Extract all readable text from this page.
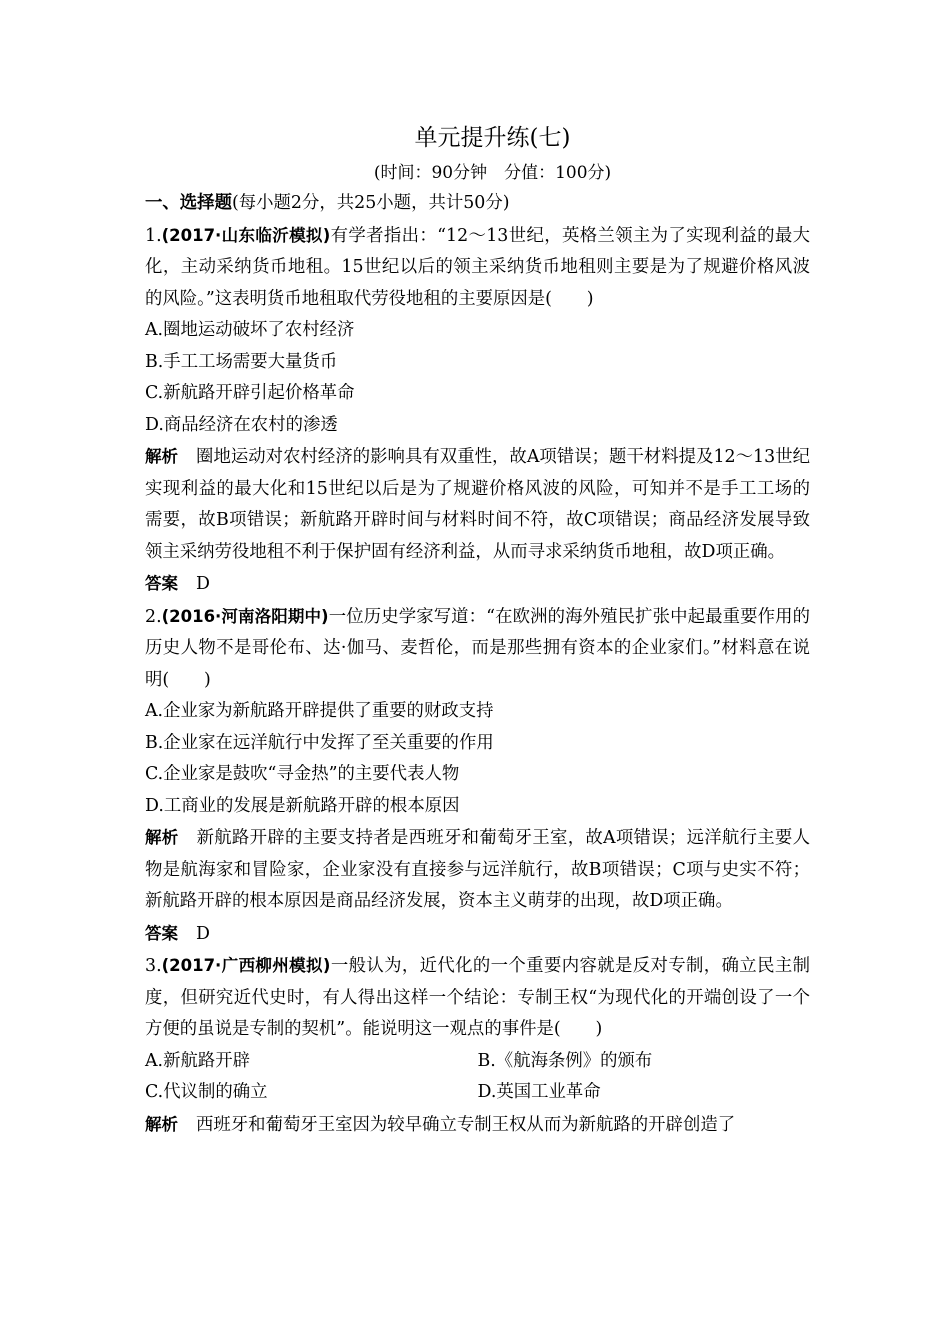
单元提升练(七)
(时间：90分钟　分值：100分)
一、选择题(每小题2分，共25小题，共计50分)
1.(2017·山东临沂模拟)有学者指出：“12～13世纪，英格兰领主为了实现利益的最大化，主动采纳货币地租。15世纪以后的领主采纳货币地租则主要是为了规避价格风波的风险。”这表明货币地租取代劳役地租的主要原因是(　　)
A.圈地运动破坏了农村经济
B.手工工场需要大量货币
C.新航路开辟引起价格革命
D.商品经济在农村的渗透
解析 圈地运动对农村经济的影响具有双重性，故A项错误；题干材料提及12～13世纪实现利益的最大化和15世纪以后是为了规避价格风波的风险，可知并不是手工工场的需要，故B项错误；新航路开辟时间与材料时间不符，故C项错误；商品经济发展导致领主采纳劳役地租不利于保护固有经济利益，从而寻求采纳货币地租，故D项正确。
答案 D
2.(2016·河南洛阳期中)一位历史学家写道：“在欧洲的海外殖民扩张中起最重要作用的历史人物不是哥伦布、达·伽马、麦哲伦，而是那些拥有资本的企业家们。”材料意在说明(　　)
A.企业家为新航路开辟提供了重要的财政支持
B.企业家在远洋航行中发挥了至关重要的作用
C.企业家是鼓吹“寻金热”的主要代表人物
D.工商业的发展是新航路开辟的根本原因
解析 新航路开辟的主要支持者是西班牙和葡萄牙王室，故A项错误；远洋航行主要人物是航海家和冒险家，企业家没有直接参与远洋航行，故B项错误；C项与史实不符；新航路开辟的根本原因是商品经济发展，资本主义萌芽的出现，故D项正确。
答案 D
3.(2017·广西柳州模拟)一般认为，近代化的一个重要内容就是反对专制，确立民主制度，但研究近代史时，有人得出这样一个结论：专制王权“为现代化的开端创设了一个方便的虽说是专制的契机”。能说明这一观点的事件是(　　)
A.新航路开辟	B.《航海条例》的颁布
C.代议制的确立	D.英国工业革命
解析 西班牙和葡萄牙王室因为较早确立专制王权从而为新航路的开辟创造了
